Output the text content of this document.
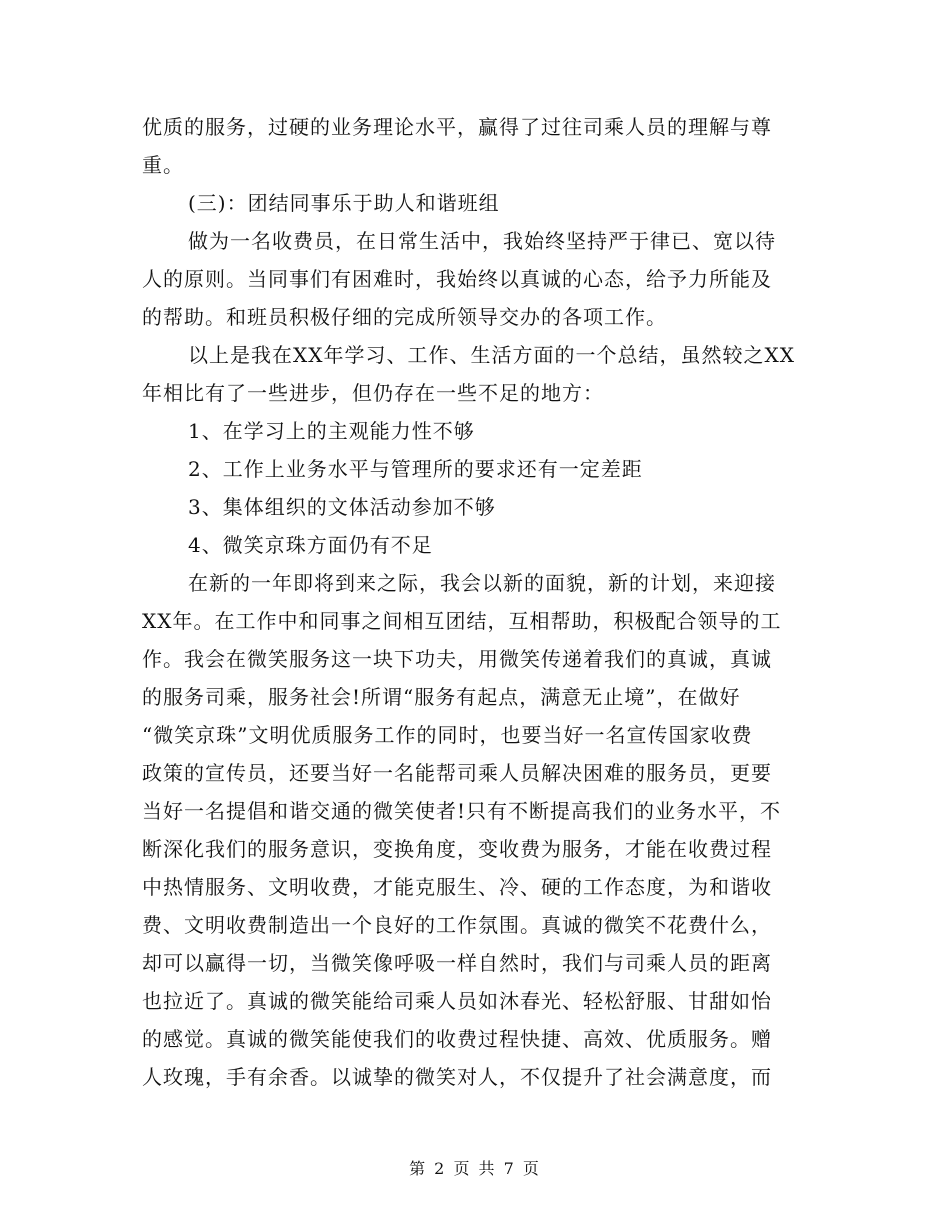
优质的服务，过硬的业务理论水平，赢得了过往司乘人员的理解与尊
重。
(三)：团结同事乐于助人和谐班组
做为一名收费员，在日常生活中，我始终坚持严于律已、宽以待
人的原则。当同事们有困难时，我始终以真诚的心态，给予力所能及
的帮助。和班员积极仔细的完成所领导交办的各项工作。
以上是我在XX年学习、工作、生活方面的一个总结，虽然较之XX
年相比有了一些进步，但仍存在一些不足的地方：
1、在学习上的主观能力性不够
2、工作上业务水平与管理所的要求还有一定差距
3、集体组织的文体活动参加不够
4、微笑京珠方面仍有不足
在新的一年即将到来之际，我会以新的面貌，新的计划，来迎接
XX年。在工作中和同事之间相互团结，互相帮助，积极配合领导的工
作。我会在微笑服务这一块下功夫，用微笑传递着我们的真诚，真诚
的服务司乘，服务社会!所谓“服务有起点，满意无止境”，在做好
“微笑京珠”文明优质服务工作的同时，也要当好一名宣传国家收费
政策的宣传员，还要当好一名能帮司乘人员解决困难的服务员，更要
当好一名提倡和谐交通的微笑使者!只有不断提高我们的业务水平，不
断深化我们的服务意识，变换角度，变收费为服务，才能在收费过程
中热情服务、文明收费，才能克服生、冷、硬的工作态度，为和谐收
费、文明收费制造出一个良好的工作氛围。真诚的微笑不花费什么，
却可以赢得一切，当微笑像呼吸一样自然时，我们与司乘人员的距离
也拉近了。真诚的微笑能给司乘人员如沐春光、轻松舒服、甘甜如怡
的感觉。真诚的微笑能使我们的收费过程快捷、高效、优质服务。赠
人玫瑰，手有余香。以诚挚的微笑对人，不仅提升了社会满意度，而
第 2 页 共 7 页
